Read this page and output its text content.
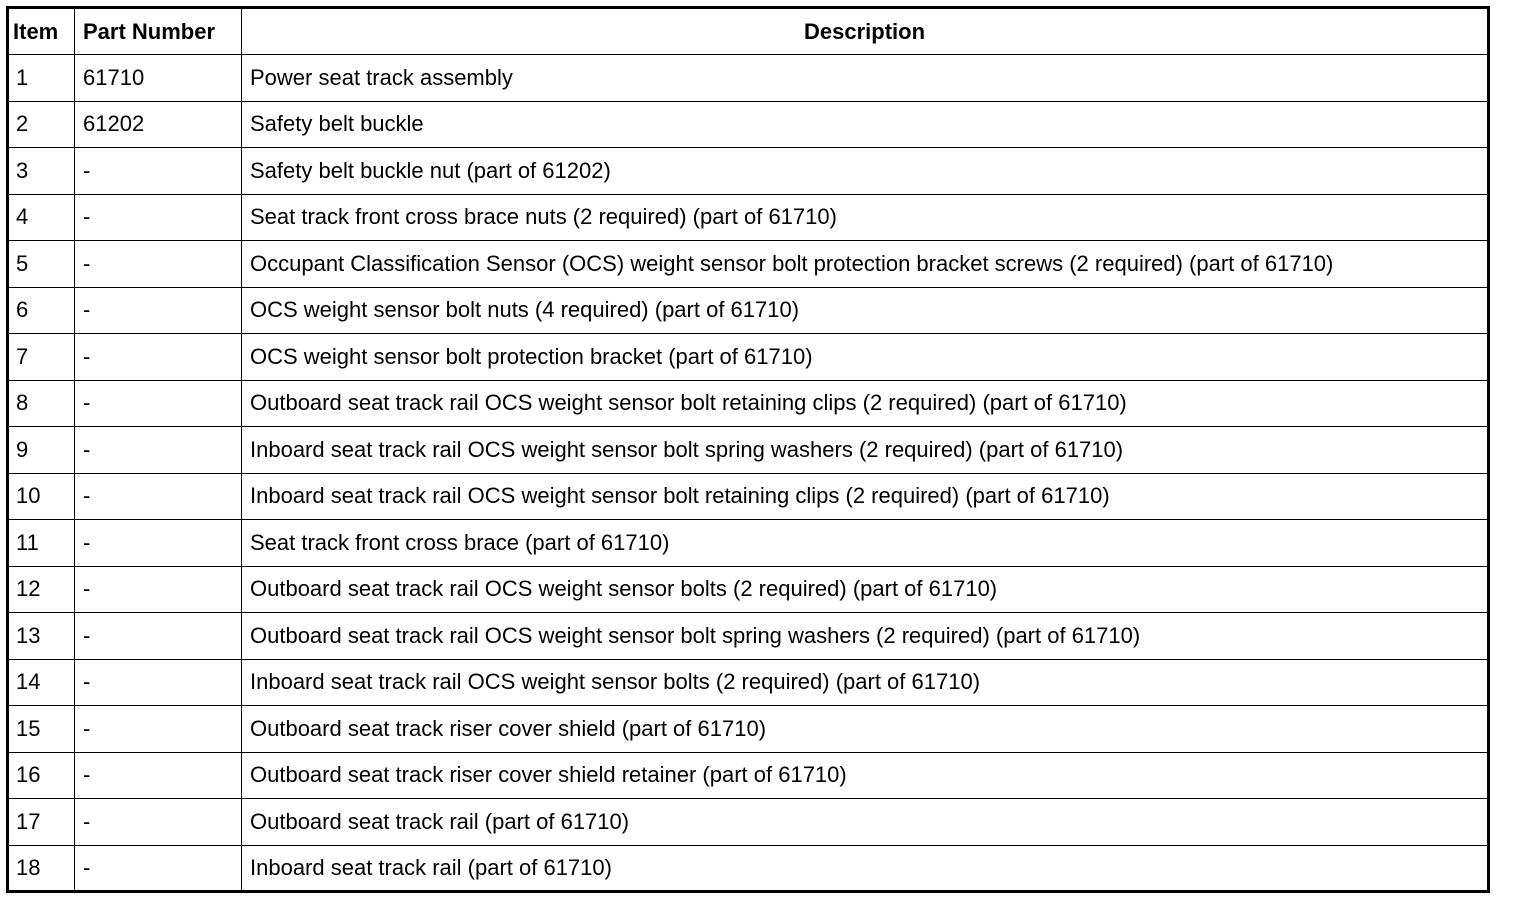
Item	Part Number	Description
1	61710	Power seat track assembly
2	61202	Safety belt buckle
3	-	Safety belt buckle nut (part of 61202)
4	-	Seat track front cross brace nuts (2 required) (part of 61710)
5	-	Occupant Classification Sensor (OCS) weight sensor bolt protection bracket screws (2 required) (part of 61710)
6	-	OCS weight sensor bolt nuts (4 required) (part of 61710)
7	-	OCS weight sensor bolt protection bracket (part of 61710)
8	-	Outboard seat track rail OCS weight sensor bolt retaining clips (2 required) (part of 61710)
9	-	Inboard seat track rail OCS weight sensor bolt spring washers (2 required) (part of 61710)
10	-	Inboard seat track rail OCS weight sensor bolt retaining clips (2 required) (part of 61710)
11	-	Seat track front cross brace (part of 61710)
12	-	Outboard seat track rail OCS weight sensor bolts (2 required) (part of 61710)
13	-	Outboard seat track rail OCS weight sensor bolt spring washers (2 required) (part of 61710)
14	-	Inboard seat track rail OCS weight sensor bolts (2 required) (part of 61710)
15	-	Outboard seat track riser cover shield (part of 61710)
16	-	Outboard seat track riser cover shield retainer (part of 61710)
17	-	Outboard seat track rail (part of 61710)
18	-	Inboard seat track rail (part of 61710)
